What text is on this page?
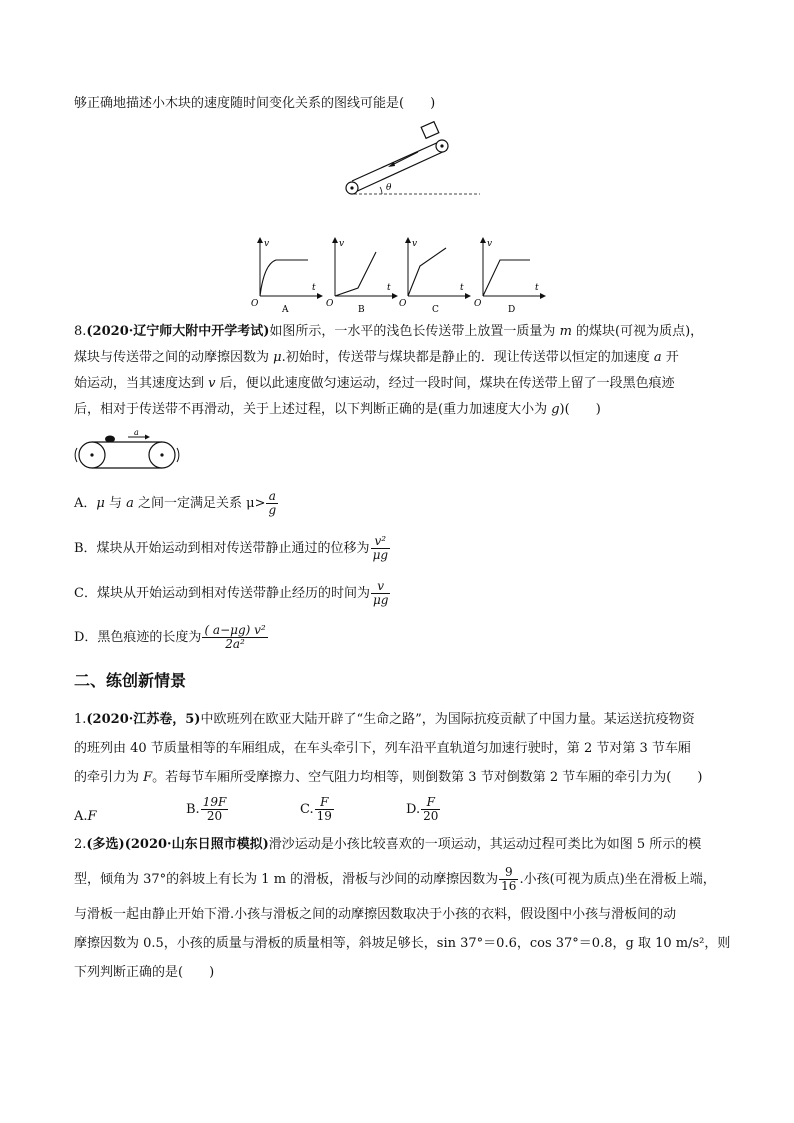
够正确地描述小木块的速度随时间变化关系的图线可能是(　　)
θ
v
t
O
A
v
t
O
B
v
t
O
C
v
t
O
D
8.(2020·辽宁师大附中开学考试)如图所示，一水平的浅色长传送带上放置一质量为 m 的煤块(可视为质点)，
煤块与传送带之间的动摩擦因数为 μ.初始时，传送带与煤块都是静止的．现让传送带以恒定的加速度 a 开
始运动，当其速度达到 v 后，便以此速度做匀速运动，经过一段时间，煤块在传送带上留了一段黑色痕迹
后，相对于传送带不再滑动，关于上述过程，以下判断正确的是(重力加速度大小为 g)(　　)
a
A．μ 与 a 之间一定满足关系 $\mu> \frac{a}{g}$
B．煤块从开始运动到相对传送带静止通过的位移为 $\frac{\text{v²}}{\mu g}$
C．煤块从开始运动到相对传送带静止经历的时间为 $\frac{v}{\mu g}$
D．黑色痕迹的长度为 $\frac{\text{( a−μg) v²}}{\text{2a²}}$
二、练创新情景
1.(2020·江苏卷，5)中欧班列在欧亚大陆开辟了“生命之路”，为国际抗疫贡献了中国力量。某运送抗疫物资
的班列由 40 节质量相等的车厢组成，在车头牵引下，列车沿平直轨道匀加速行驶时，第 2 节对第 3 节车厢
的牵引力为 F。若每节车厢所受摩擦力、空气阻力均相等，则倒数第 3 节对倒数第 2 节车厢的牵引力为(　　)
A.F	B. $\frac{19F}{20}$	C. $\frac{F}{19}$	D. $\frac{F}{20}$
2.(多选)(2020·山东日照市模拟)滑沙运动是小孩比较喜欢的一项运动，其运动过程可类比为如图 5 所示的模
型，倾角为 37°的斜坡上有长为 1 m 的滑板，滑板与沙间的动摩擦因数为 $\frac{9}{16}$ .小孩(可视为质点)坐在滑板上端，
与滑板一起由静止开始下滑.小孩与滑板之间的动摩擦因数取决于小孩的衣料，假设图中小孩与滑板间的动
摩擦因数为 0.5，小孩的质量与滑板的质量相等，斜坡足够长，sin 37°＝0.6，cos 37°＝0.8，g 取 10 m/s²，则
下列判断正确的是(　　)
